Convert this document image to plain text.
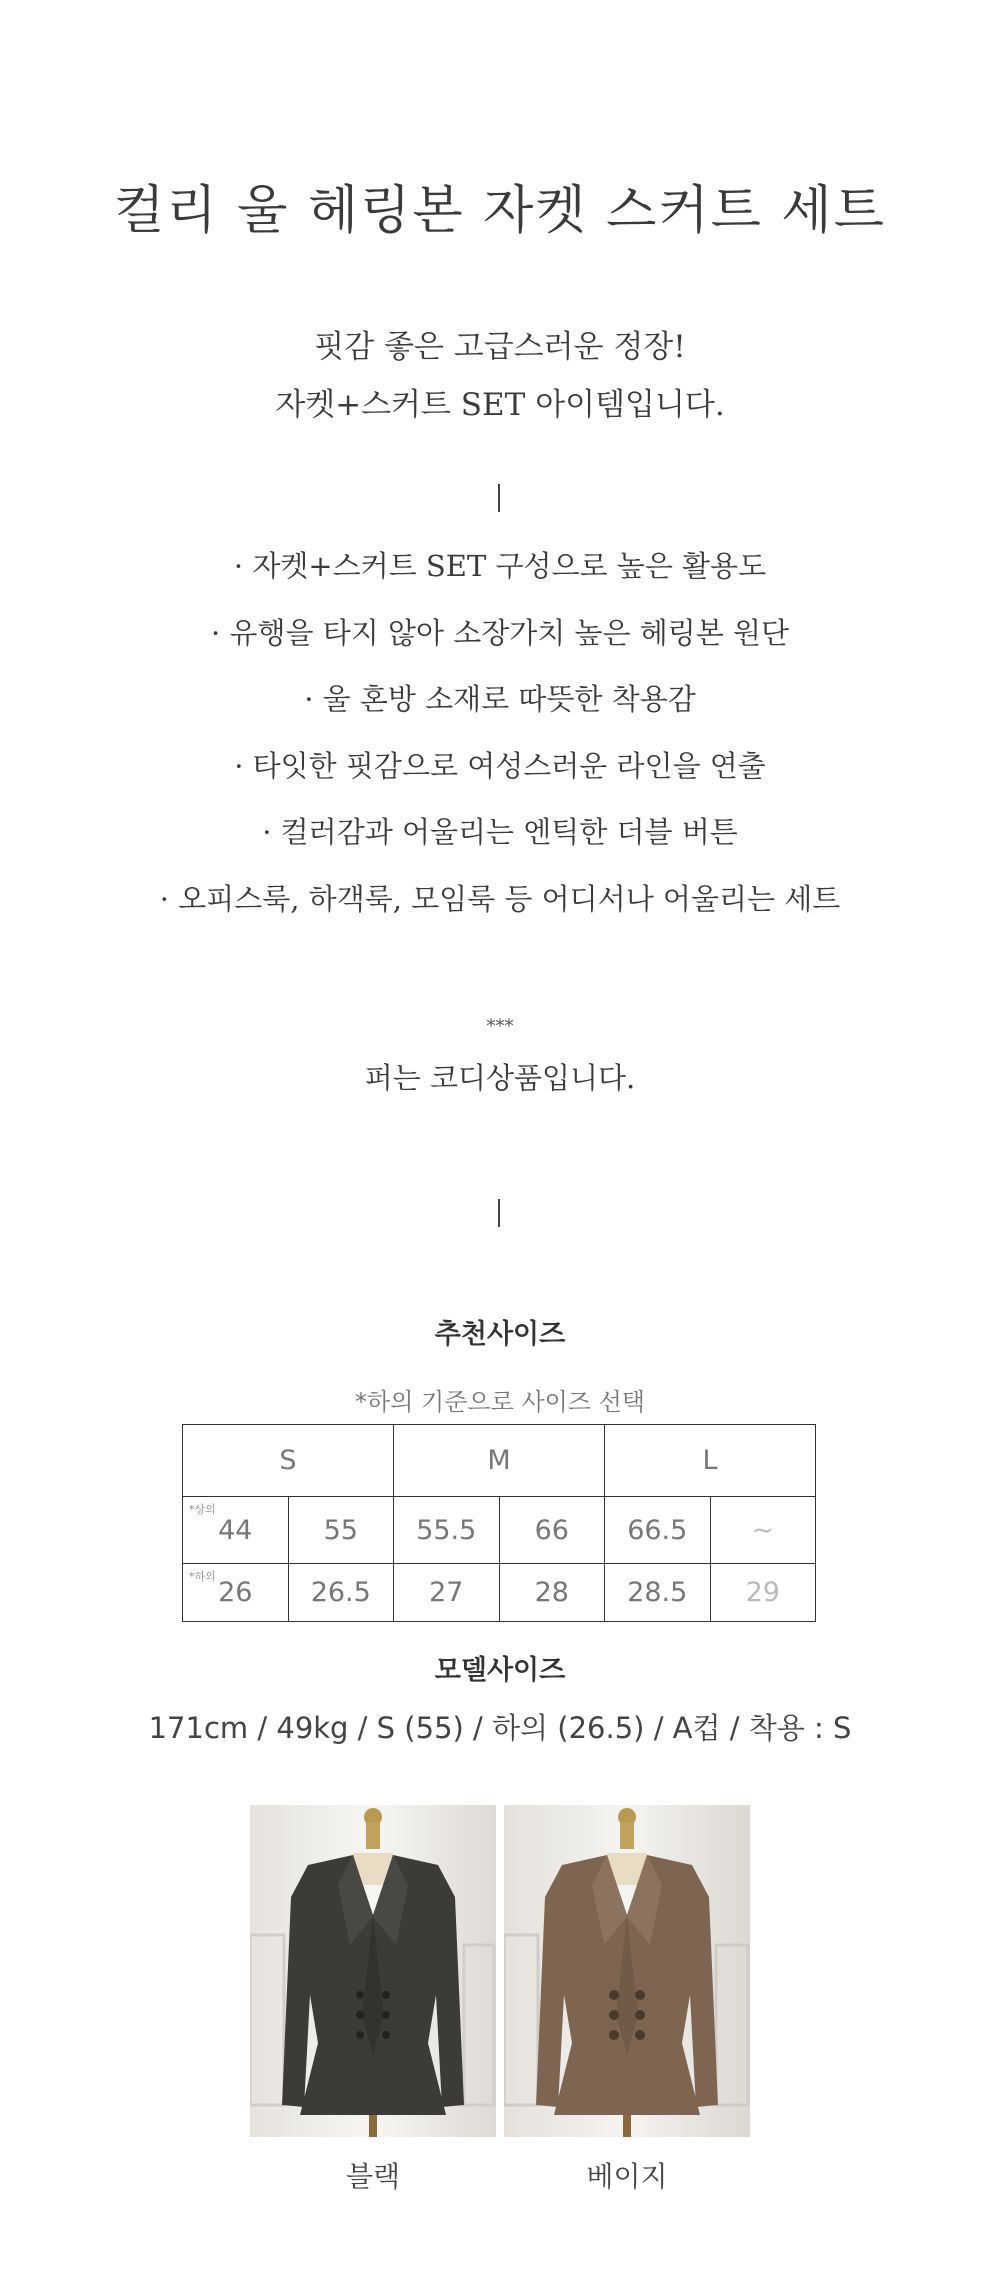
컬리 울 헤링본 자켓 스커트 세트
핏감 좋은 고급스러운 정장!
자켓+스커트 SET 아이템입니다.
· 자켓+스커트 SET 구성으로 높은 활용도
· 유행을 타지 않아 소장가치 높은 헤링본 원단
· 울 혼방 소재로 따뜻한 착용감
· 타잇한 핏감으로 여성스러운 라인을 연출
· 컬러감과 어울리는 엔틱한 더블 버튼
· 오피스룩, 하객룩, 모임룩 등 어디서나 어울리는 세트
***
퍼는 코디상품입니다.
추천사이즈
*하의 기준으로 사이즈 선택
S		M		L	

*상의
44	55	55.5	66	66.5	~

*하의
26	26.5	27	28	28.5	29
모델사이즈
171cm / 49kg / S (55) / 하의 (26.5) / A컵 / 착용 : S
블랙	베이지
